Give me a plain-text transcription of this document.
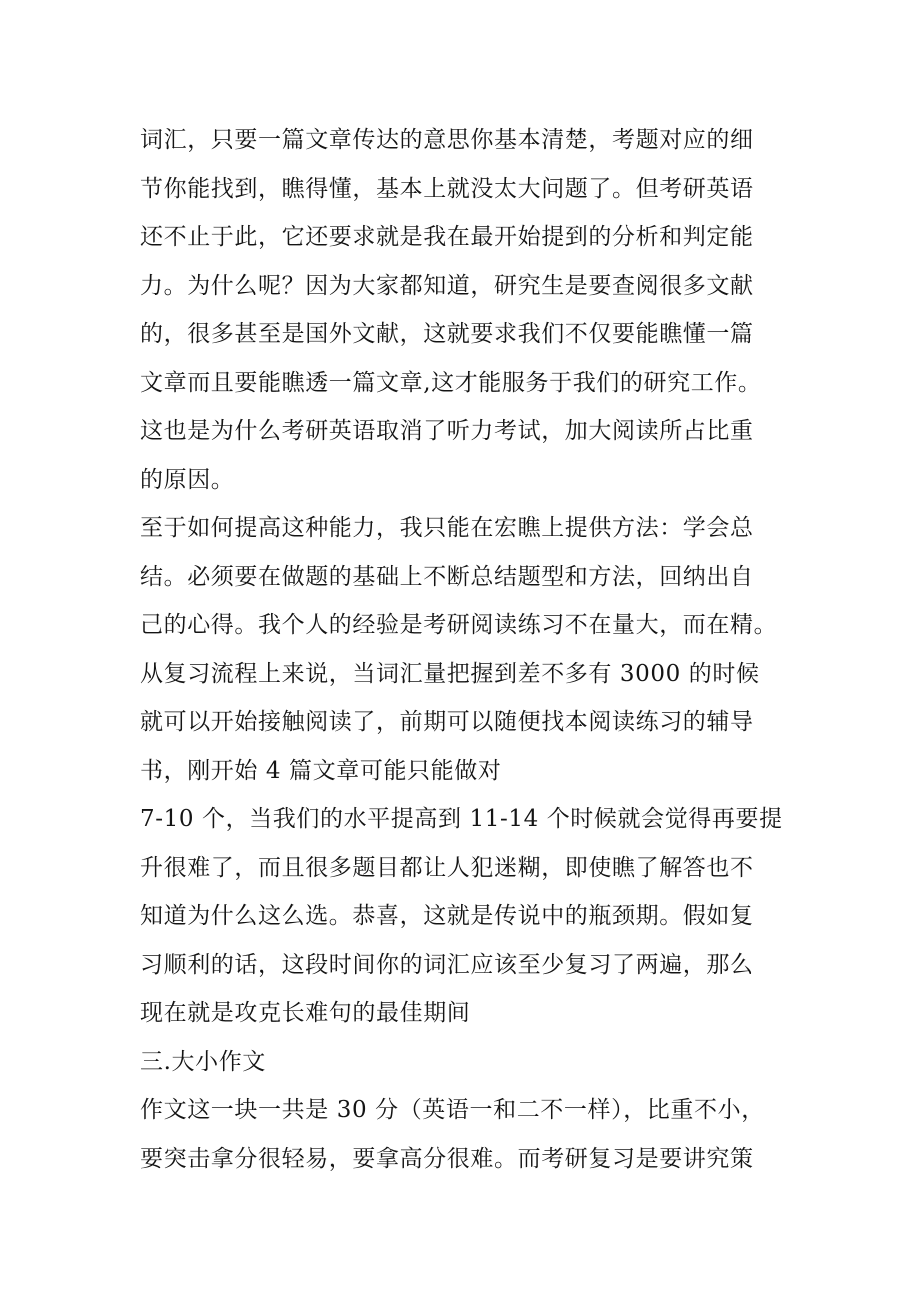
词汇，只要一篇文章传达的意思你基本清楚，考题对应的细
节你能找到，瞧得懂，基本上就没太大问题了。但考研英语
还不止于此，它还要求就是我在最开始提到的分析和判定能
力。为什么呢？因为大家都知道，研究生是要查阅很多文献
的，很多甚至是国外文献，这就要求我们不仅要能瞧懂一篇
文章而且要能瞧透一篇文章,这才能服务于我们的研究工作。
这也是为什么考研英语取消了听力考试，加大阅读所占比重
的原因。
至于如何提高这种能力，我只能在宏瞧上提供方法：学会总
结。必须要在做题的基础上不断总结题型和方法，回纳出自
己的心得。我个人的经验是考研阅读练习不在量大，而在精。
从复习流程上来说，当词汇量把握到差不多有 3000 的时候
就可以开始接触阅读了，前期可以随便找本阅读练习的辅导
书，刚开始 4 篇文章可能只能做对
7-10 个，当我们的水平提高到 11-14 个时候就会觉得再要提
升很难了，而且很多题目都让人犯迷糊，即使瞧了解答也不
知道为什么这么选。恭喜，这就是传说中的瓶颈期。假如复
习顺利的话，这段时间你的词汇应该至少复习了两遍，那么
现在就是攻克长难句的最佳期间
三.大小作文
作文这一块一共是 30 分（英语一和二不一样），比重不小，
要突击拿分很轻易，要拿高分很难。而考研复习是要讲究策
